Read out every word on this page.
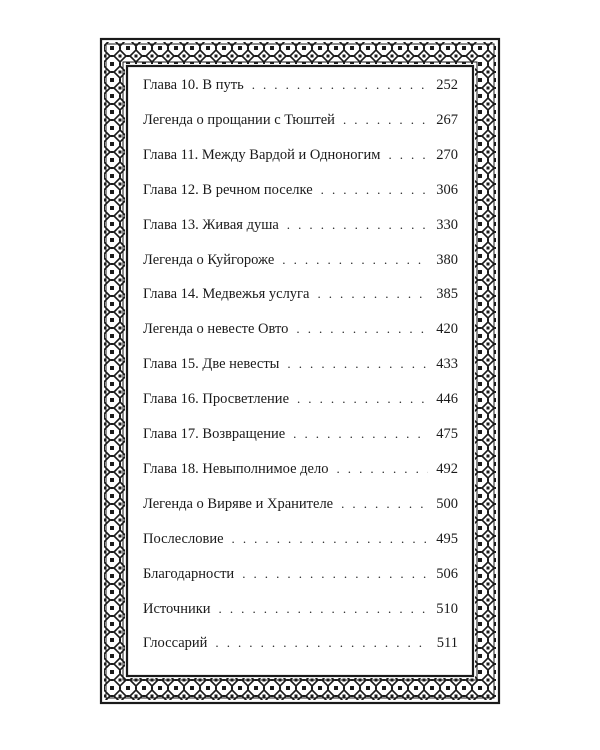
Глава 10. В путь . . .	252
Легенда о прощании с Тюштей . . .	267
Глава 11. Между Вардой и Одноногим . . .	270
Глава 12. В речном поселке . . .	306
Глава 13. Живая душа . . .	330
Легенда о Куйгороже . . .	380
Глава 14. Медвежья услуга . . .	385
Легенда о невесте Овто . . .	420
Глава 15. Две невесты . . .	433
Глава 16. Просветление . . .	446
Глава 17. Возвращение . . .	475
Глава 18. Невыполнимое дело . . .	492
Легенда о Виряве и Хранителе . . .	500
Послесловие . . .	495
Благодарности . . .	506
Источники . . .	510
Глоссарий . . .	511
